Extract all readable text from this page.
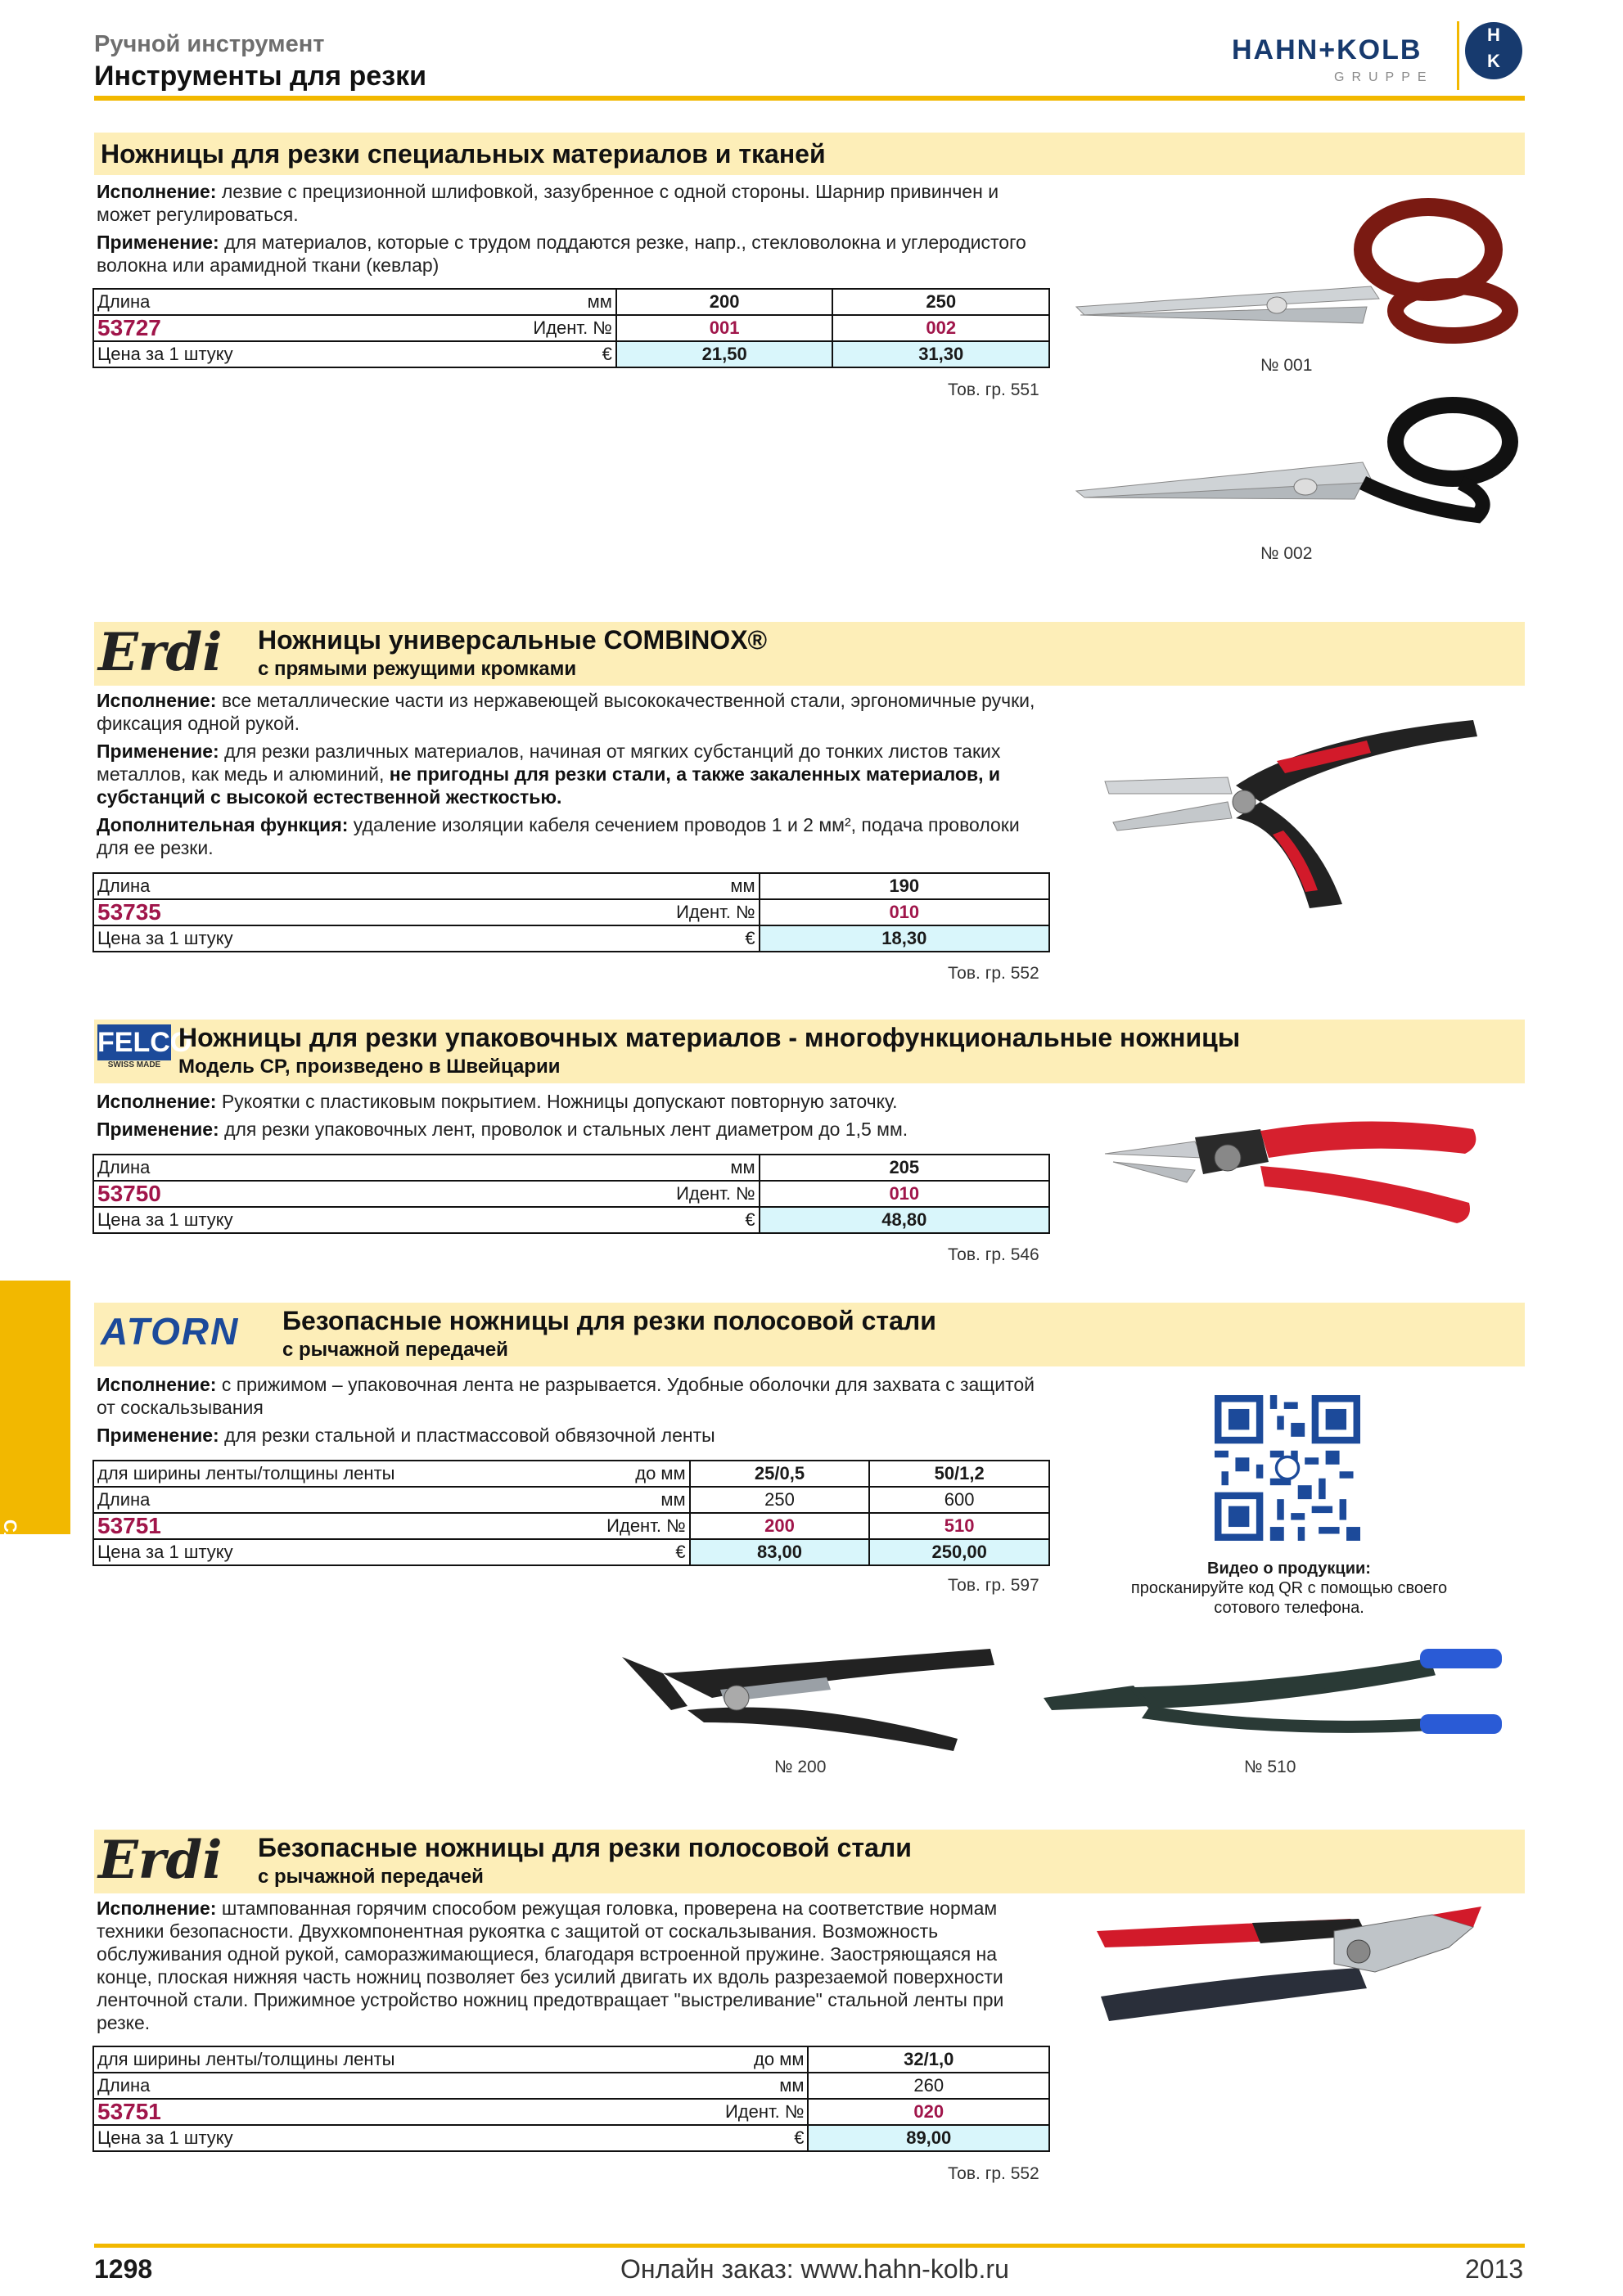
Ручной инструмент
Инструменты для резки
HAHN+KOLB
GRUPPE
H
K
Слесарный инструмент
Ножницы для резки специальных материалов и тканей

Исполнение: лезвие с прецизионной шлифовкой, зазубренное с одной стороны. Шарнир привинчен и может регулироваться.

Применение: для материалов, которые с трудом поддаются резке, напр., стекловолокна и углеродистого волокна или арамидной ткани (кевлар)

Длина мм	200	250

53727 Идент. №	001	002

Цена за 1 штуку €	21,50	31,30
Тов. гр. 551
№ 001
№ 002
Erdi Ножницы универсальные COMBINOX®
с прямыми режущими кромками

Исполнение: все металлические части из нержавеющей высококачественной стали, эргономичные ручки, фиксация одной рукой.

Применение: для резки различных материалов, начиная от мягких субстанций до тонких листов таких металлов, как медь и алюминий, не пригодны для резки стали, а также закаленных материалов, и субстанций с высокой естественной жесткостью.

Дополнительная функция: удаление изоляции кабеля сечением проводов 1 и 2 мм², подача проволоки для ее резки.

Длина мм	190

53735 Идент. №	010

Цена за 1 штуку €	18,30
Тов. гр. 552
FELCO
SWISS MADE
Ножницы для резки упаковочных материалов - многофункциональные ножницы
Модель CP, произведено в Швейцарии

Исполнение: Рукоятки с пластиковым покрытием. Ножницы допускают повторную заточку.

Применение: для резки упаковочных лент, проволок и стальных лент диаметром до 1,5 мм.

Длина мм	205

53750 Идент. №	010

Цена за 1 штуку €	48,80
Тов. гр. 546
ATORN Безопасные ножницы для резки полосовой стали
с рычажной передачей

Исполнение: с прижимом – упаковочная лента не разрывается. Удобные оболочки для захвата с защитой от соскальзывания

Применение: для резки стальной и пластмассовой обвязочной ленты

для ширины ленты/толщины ленты до мм	25/0,5	50/1,2

Длина мм	250	600

53751 Идент. №	200	510

Цена за 1 штуку €	83,00	250,00
Тов. гр. 597
Видео о продукции:
просканируйте код QR с помощью своего сотового телефона.
№ 200	№ 510
Erdi Безопасные ножницы для резки полосовой стали
с рычажной передачей

Исполнение: штампованная горячим способом режущая головка, проверена на соответствие нормам техники безопасности. Двухкомпонентная рукоятка с защитой от соскальзывания. Возможность обслуживания одной рукой, саморазжимающиеся, благодаря встроенной пружине. Заостряющаяся на конце, плоская нижняя часть ножниц позволяет без усилий двигать их вдоль разрезаемой поверхности ленточной стали. Прижимное устройство ножниц предотвращает "выстреливание" стальной ленты при резке.

для ширины ленты/толщины ленты до мм	32/1,0

Длина мм	260

53751 Идент. №	020

Цена за 1 штуку €	89,00
Тов. гр. 552
1298	Онлайн заказ: www.hahn-kolb.ru	2013
